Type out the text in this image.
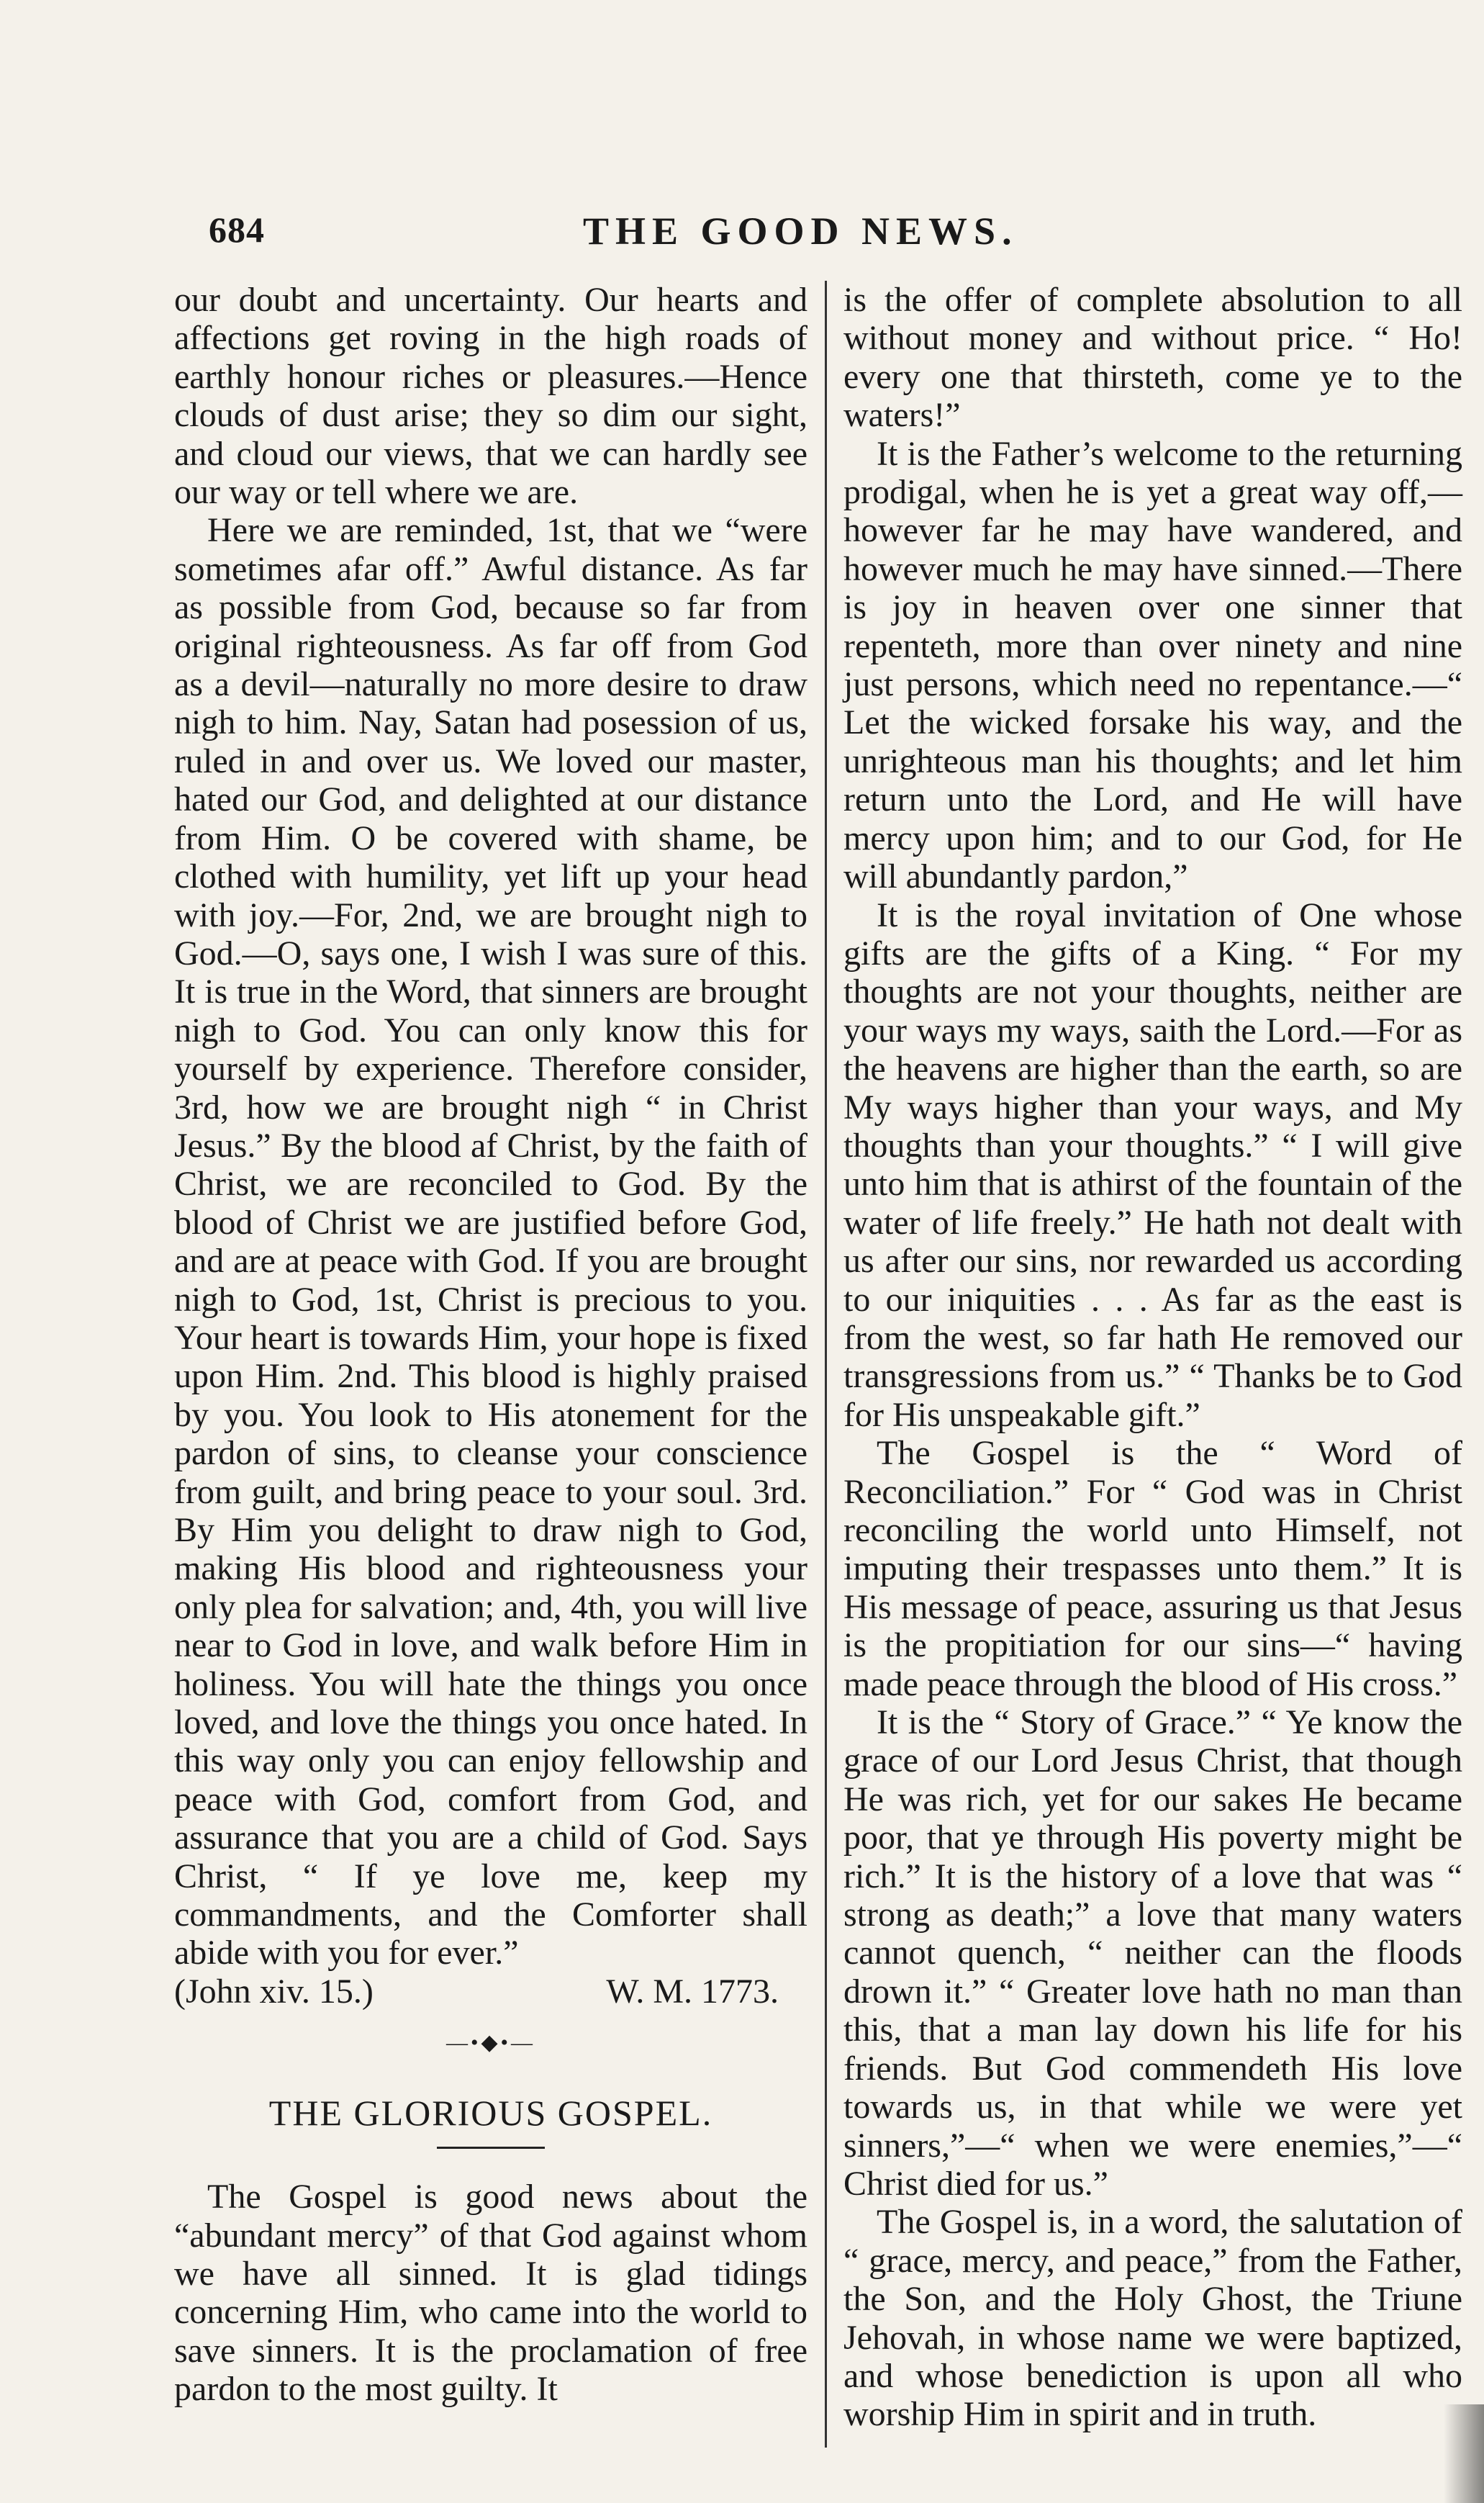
684	THE GOOD NEWS.

our doubt and uncertainty. Our hearts and affections get roving in the high roads of earthly honour riches or pleasures.—Hence clouds of dust arise; they so dim our sight, and cloud our views, that we can hardly see our way or tell where we are.

Here we are reminded, 1st, that we “were sometimes afar off.” Awful distance. As far as possible from God, because so far from original righteousness. As far off from God as a devil—naturally no more desire to draw nigh to him. Nay, Satan had posession of us, ruled in and over us. We loved our master, hated our God, and delighted at our distance from Him. O be covered with shame, be clothed with humility, yet lift up your head with joy.—For, 2nd, we are brought nigh to God.—O, says one, I wish I was sure of this. It is true in the Word, that sinners are brought nigh to God. You can only know this for yourself by experience. Therefore consider, 3rd, how we are brought nigh “ in Christ Jesus.” By the blood af Christ, by the faith of Christ, we are reconciled to God. By the blood of Christ we are justified before God, and are at peace with God. If you are brought nigh to God, 1st, Christ is precious to you. Your heart is towards Him, your hope is fixed upon Him. 2nd. This blood is highly praised by you. You look to His atonement for the pardon of sins, to cleanse your conscience from guilt, and bring peace to your soul. 3rd. By Him you delight to draw nigh to God, making His blood and righteousness your only plea for salvation; and, 4th, you will live near to God in love, and walk before Him in holiness. You will hate the things you once loved, and love the things you once hated. In this way only you can enjoy fellowship and peace with God, comfort from God, and assurance that you are a child of God. Says Christ, “ If ye love me, keep my commandments, and the Comforter shall abide with you for ever.”

(John xiv. 15.)	W. M. 1773.
—•◆•—
THE GLORIOUS GOSPEL.

The Gospel is good news about the “abundant mercy” of that God against whom we have all sinned. It is glad tidings concerning Him, who came into the world to save sinners. It is the proclamation of free pardon to the most guilty. It

is the offer of complete absolution to all without money and without price. “ Ho! every one that thirsteth, come ye to the waters!”

It is the Father’s welcome to the returning prodigal, when he is yet a great way off,—however far he may have wandered, and however much he may have sinned.—There is joy in heaven over one sinner that repenteth, more than over ninety and nine just persons, which need no repentance.—“ Let the wicked forsake his way, and the unrighteous man his thoughts; and let him return unto the Lord, and He will have mercy upon him; and to our God, for He will abundantly pardon,”

It is the royal invitation of One whose gifts are the gifts of a King. “ For my thoughts are not your thoughts, neither are your ways my ways, saith the Lord.—For as the heavens are higher than the earth, so are My ways higher than your ways, and My thoughts than your thoughts.” “ I will give unto him that is athirst of the fountain of the water of life freely.” He hath not dealt with us after our sins, nor rewarded us according to our iniquities . . . As far as the east is from the west, so far hath He removed our transgressions from us.” “ Thanks be to God for His unspeakable gift.”

The Gospel is the “ Word of Reconciliation.” For “ God was in Christ reconciling the world unto Himself, not imputing their trespasses unto them.” It is His message of peace, assuring us that Jesus is the propitiation for our sins—“ having made peace through the blood of His cross.”

It is the “ Story of Grace.” “ Ye know the grace of our Lord Jesus Christ, that though He was rich, yet for our sakes He became poor, that ye through His poverty might be rich.” It is the history of a love that was “ strong as death;” a love that many waters cannot quench, “ neither can the floods drown it.” “ Greater love hath no man than this, that a man lay down his life for his friends. But God commendeth His love towards us, in that while we were yet sinners,”—“ when we were enemies,”—“ Christ died for us.”

The Gospel is, in a word, the salutation of “ grace, mercy, and peace,” from the Father, the Son, and the Holy Ghost, the Triune Jehovah, in whose name we were baptized, and whose benediction is upon all who worship Him in spirit and in truth.
